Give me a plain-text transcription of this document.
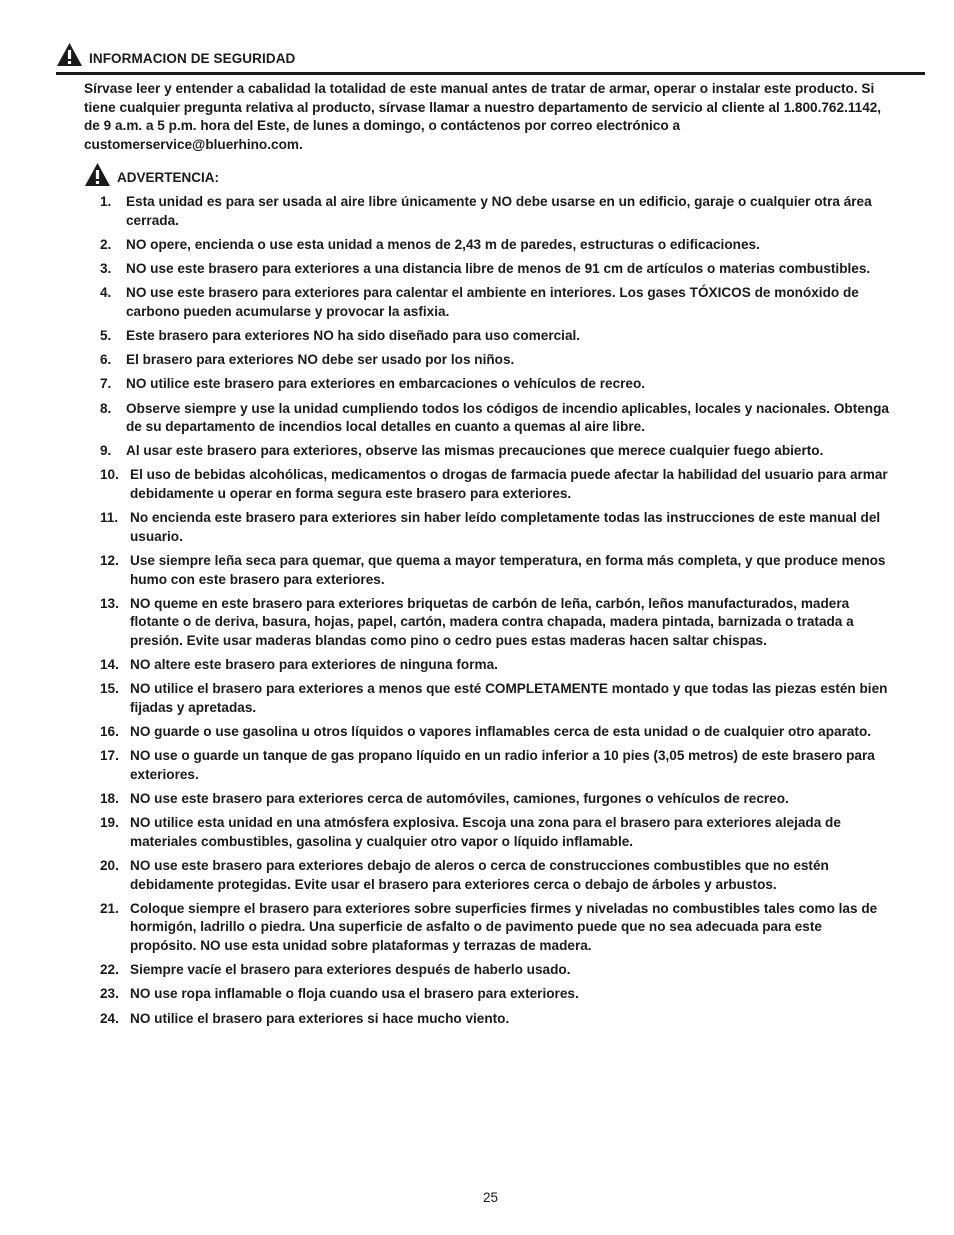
INFORMACION DE SEGURIDAD
Sírvase leer y entender a cabalidad la totalidad de este manual antes de tratar de armar, operar o instalar este producto. Si tiene cualquier pregunta relativa al producto, sírvase llamar a nuestro departamento de servicio al cliente al 1.800.762.1142, de 9 a.m. a 5 p.m. hora del Este, de lunes a domingo, o contáctenos por correo electrónico a customerservice@bluerhino.com.
ADVERTENCIA:
1.	Esta unidad es para ser usada al aire libre únicamente y NO debe usarse en un edificio, garaje o cualquier otra área cerrada.
2.	NO opere, encienda o use esta unidad a menos de 2,43 m de paredes, estructuras o edificaciones.
3.	NO use este brasero para exteriores a una distancia libre de menos de 91 cm de artículos o materias combustibles.
4.	NO use este brasero para exteriores para calentar el ambiente en interiores. Los gases TÓXICOS de monóxido de carbono pueden acumularse y provocar la asfixia.
5.	Este brasero para exteriores NO ha sido diseñado para uso comercial.
6.	El brasero para exteriores NO debe ser usado por los niños.
7.	NO utilice este brasero para exteriores en embarcaciones o vehículos de recreo.
8.	Observe siempre y use la unidad cumpliendo todos los códigos de incendio aplicables, locales y nacionales. Obtenga de su departamento de incendios local detalles en cuanto a quemas al aire libre.
9.	Al usar este brasero para exteriores, observe las mismas precauciones que merece cualquier fuego abierto.
10. El uso de bebidas alcohólicas, medicamentos o drogas de farmacia puede afectar la habilidad del usuario para armar debidamente u operar en forma segura este brasero para exteriores.
11. No encienda este brasero para exteriores sin haber leído completamente todas las instrucciones de este manual del usuario.
12. Use siempre leña seca para quemar, que quema a mayor temperatura, en forma más completa, y que produce menos humo con este brasero para exteriores.
13. NO queme en este brasero para exteriores briquetas de carbón de leña, carbón, leños manufacturados, madera flotante o de deriva, basura, hojas, papel, cartón, madera contra chapada, madera pintada, barnizada o tratada a presión. Evite usar maderas blandas como pino o cedro pues estas maderas hacen saltar chispas.
14. NO altere este brasero para exteriores de ninguna forma.
15. NO utilice el brasero para exteriores a menos que esté COMPLETAMENTE montado y que todas las piezas estén bien fijadas y apretadas.
16. NO guarde o use gasolina u otros líquidos o vapores inflamables cerca de esta unidad o de cualquier otro aparato.
17. NO use o guarde un tanque de gas propano líquido en un radio inferior a 10 pies (3,05 metros) de este brasero para exteriores.
18. NO use este brasero para exteriores cerca de automóviles, camiones, furgones o vehículos de recreo.
19. NO utilice esta unidad en una atmósfera explosiva. Escoja una zona para el brasero para exteriores alejada de materiales combustibles, gasolina y cualquier otro vapor o líquido inflamable.
20. NO use este brasero para exteriores debajo de aleros o cerca de construcciones combustibles que no estén debidamente protegidas. Evite usar el brasero para exteriores cerca o debajo de árboles y arbustos.
21. Coloque siempre el brasero para exteriores sobre superficies firmes y niveladas no combustibles tales como las de hormigón, ladrillo o piedra. Una superficie de asfalto o de pavimento puede que no sea adecuada para este propósito. NO use esta unidad sobre plataformas y terrazas de madera.
22. Siempre vacíe el brasero para exteriores después de haberlo usado.
23. NO use ropa inflamable o floja cuando usa el brasero para exteriores.
24. NO utilice el brasero para exteriores si hace mucho viento.
25
